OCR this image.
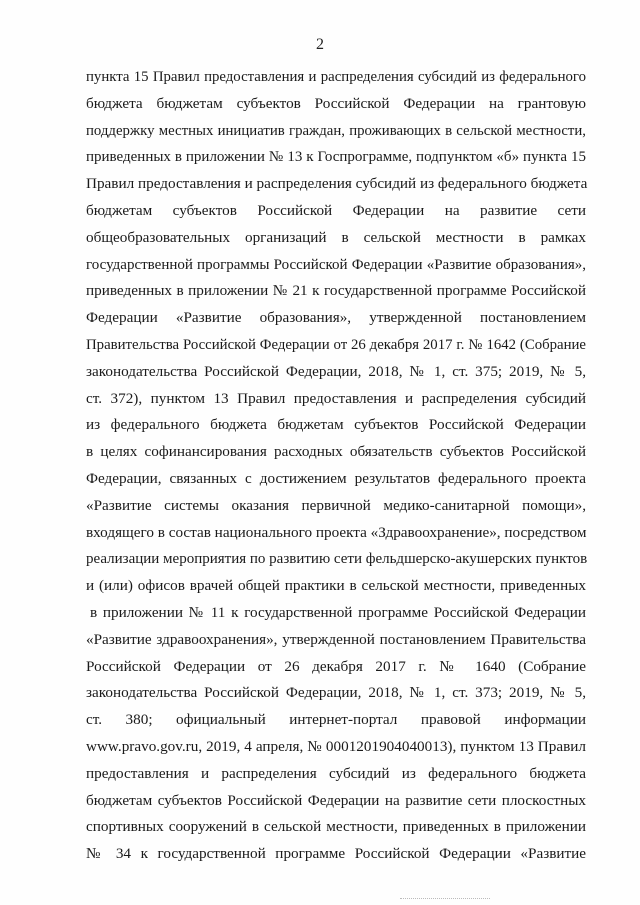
2
пункта 15 Правил предоставления и распределения субсидий из федерального
бюджета бюджетам субъектов Российской Федерации на грантовую
поддержку местных инициатив граждан, проживающих в сельской местности,
приведенных в приложении № 13 к Госпрограмме, подпунктом «б» пункта 15
Правил предоставления и распределения субсидий из федерального бюджета
бюджетам субъектов Российской Федерации на развитие сети
общеобразовательных организаций в сельской местности в рамках
государственной программы Российской Федерации «Развитие образования»,
приведенных в приложении № 21 к государственной программе Российской
Федерации «Развитие образования», утвержденной постановлением
Правительства Российской Федерации от 26 декабря 2017 г. № 1642 (Собрание
законодательства Российской Федерации, 2018, № 1, ст. 375; 2019, № 5,
ст. 372), пунктом 13 Правил предоставления и распределения субсидий
из федерального бюджета бюджетам субъектов Российской Федерации
в целях софинансирования расходных обязательств субъектов Российской
Федерации, связанных с достижением результатов федерального проекта
«Развитие системы оказания первичной медико-санитарной помощи»,
входящего в состав национального проекта «Здравоохранение», посредством
реализации мероприятия по развитию сети фельдшерско-акушерских пунктов
и (или) офисов врачей общей практики в сельской местности, приведенных
в приложении № 11 к государственной программе Российской Федерации
«Развитие здравоохранения», утвержденной постановлением Правительства
Российской Федерации от 26 декабря 2017 г. № 1640 (Собрание
законодательства Российской Федерации, 2018, № 1, ст. 373; 2019, № 5,
ст. 380; официальный интернет-портал правовой информации
www.pravo.gov.ru, 2019, 4 апреля, № 0001201904040013), пунктом 13 Правил
предоставления и распределения субсидий из федерального бюджета
бюджетам субъектов Российской Федерации на развитие сети плоскостных
спортивных сооружений в сельской местности, приведенных в приложении
№ 34 к государственной программе Российской Федерации «Развитие
